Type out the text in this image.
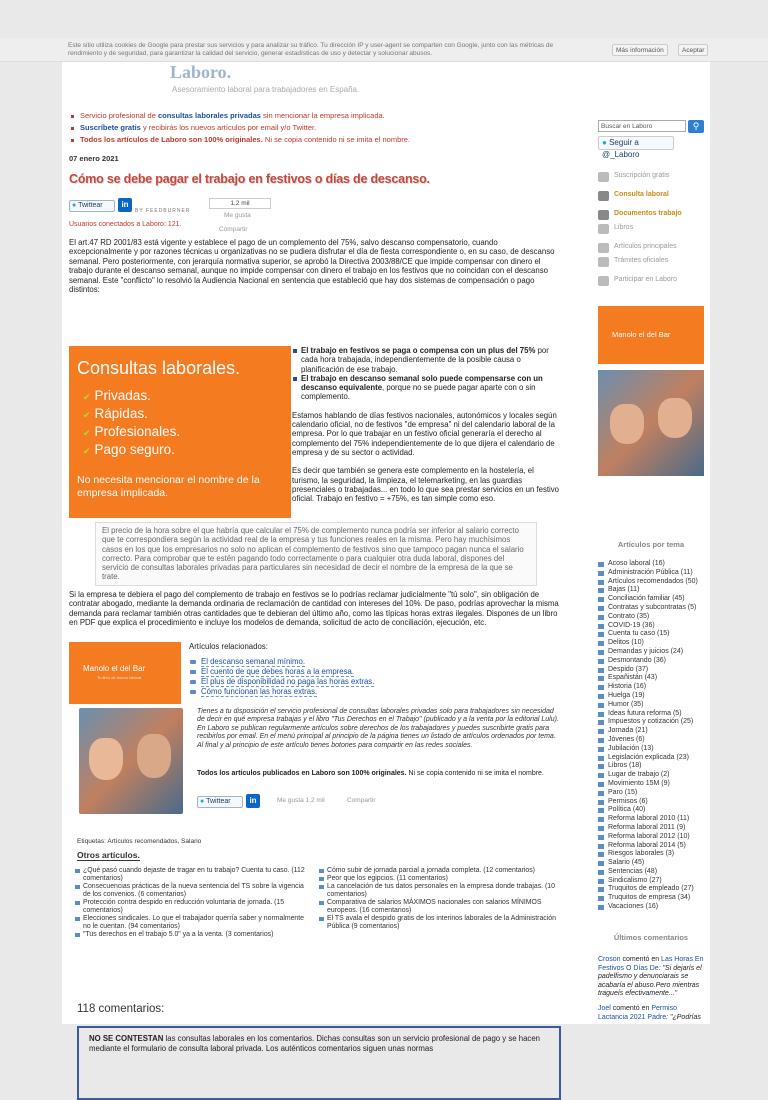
Este sitio utiliza cookies de Google para prestar sus servicios y para analizar su tráfico. Tu dirección IP y user-agent se comparten con Google, junto con las métricas de rendimiento y de seguridad, para garantizar la calidad del servicio, generar estadísticas de uso y detectar y solucionar abusos.	Más información	Aceptar
Laboro.
Asesoramiento laboral para trabajadores en España.
Servicio profesional de consultas laborales privadas sin mencionar la empresa implicada.
Suscríbete gratis y recibirás los nuevos artículos por email y/o Twitter.
Todos los artículos de Laboro son 100% originales. Ni se copia contenido ni se imita el nombre.
07 enero 2021
Cómo se debe pagar el trabajo en festivos o días de descanso.
● Twittear	in
BY FEEDBURNER
1,2 mil
Me gusta
Usuarios conectados a Laboro: 121.
Compartir

El art.47 RD 2001/83 está vigente y establece el pago de un complemento del 75%, salvo descanso compensatorio, cuando excepcionalmente y por razones técnicas u organizativas no se pudiera disfrutar el día de fiesta correspondiente o, en su caso, de descanso semanal. Pero posteriormente, con jerarquía normativa superior, se aprobó la Directiva 2003/88/CE que impide compensar con dinero el trabajo durante el descanso semanal, aunque no impide compensar con dinero el trabajo en los festivos que no coincidan con el descanso semanal. Este "conflicto" lo resolvió la Audiencia Nacional en sentencia que estableció que hay dos sistemas de compensación o pago distintos:

Consultas laborales.
✔ Privadas.
✔ Rápidas.
✔ Profesionales.
✔ Pago seguro.
No necesita mencionar el nombre de la empresa implicada.
El trabajo en festivos se paga o compensa con un plus del 75% por cada hora trabajada, independientemente de la posible causa o planificación de ese trabajo.
El trabajo en descanso semanal solo puede compensarse con un descanso equivalente, porque no se puede pagar aparte con o sin complemento.

Estamos hablando de días festivos nacionales, autonómicos y locales según calendario oficial, no de festivos "de empresa" ni del calendario laboral de la empresa. Por lo que trabajar en un festivo oficial generaría el derecho al complemento del 75% independientemente de lo que dijera el calendario de empresa y de su sector o actividad.

Es decir que también se genera este complemento en la hostelería, el turismo, la seguridad, la limpieza, el telemarketing, en las guardias presenciales o trabajadas... en todo lo que sea prestar servicios en un festivo oficial. Trabajo en festivo = +75%, es tan simple como eso.

El precio de la hora sobre el que habría que calcular el 75% de complemento nunca podría ser inferior al salario correcto que te correspondiera según la actividad real de la empresa y tus funciones reales en la misma. Pero hay muchísimos casos en los que los empresarios no solo no aplican el complemento de festivos sino que tampoco pagan nunca el salario correcto. Para comprobar que te estén pagando todo correctamente o para cualquier otra duda laboral, dispones del servicio de consultas laborales privadas para particulares sin necesidad de decir el nombre de la empresa de la que se trate.

Si la empresa te debiera el pago del complemento de trabajo en festivos se lo podrías reclamar judicialmente "tú solo", sin obligación de contratar abogado, mediante la demanda ordinaria de reclamación de cantidad con intereses del 10%. De paso, podrías aprovechar la misma demanda para reclamar también otras cantidades que te debieran del último año, como las típicas horas extras ilegales. Dispones de un libro en PDF que explica el procedimiento e incluye los modelos de demanda, solicitud de acto de conciliación, ejecución, etc.

Manolo el del Bar
Tu libro de humor laboral
Artículos relacionados:
El descanso semanal mínimo.
El cuento de que debes horas a la empresa.
El plus de disponibilidad no paga las horas extras.
Cómo funcionan las horas extras.
Tienes a tu disposición el servicio profesional de consultas laborales privadas solo para trabajadores sin necesidad de decir en qué empresa trabajas y el libro "Tus Derechos en el Trabajo" (publicado y a la venta por la editorial Lulu). En Laboro se publican regularmente artículos sobre derechos de los trabajadores y puedes suscribirte gratis para recibirlos por email. En el menú principal al principio de la página tienes un listado de artículos ordenados por tema. Al final y al principio de este artículo tienes botones para compartir en las redes sociales.
Todos los artículos publicados en Laboro son 100% originales. Ni se copia contenido ni se imita el nombre.
● Twittear	in	Me gusta 1,2 mil	Compartir
Etiquetas: Artículos recomendados, Salario
Otros artículos.
¿Qué pasó cuando dejaste de tragar en tu trabajo? Cuenta tu caso. (112 comentarios)
Consecuencias prácticas de la nueva sentencia del TS sobre la vigencia de los convenios. (6 comentarios)
Protección contra despido en reducción voluntaria de jornada. (15 comentarios)
Elecciones sindicales. Lo que el trabajador querría saber y normalmente no le cuentan. (94 comentarios)
"Tus derechos en el trabajo 5.0" ya a la venta. (3 comentarios)
Cómo subir de jornada parcial a jornada completa. (12 comentarios)
Peor que los egipcios. (11 comentarios)
La cancelación de tus datos personales en la empresa donde trabajas. (10 comentarios)
Comparativa de salarios MÁXIMOS nacionales con salarios MÍNIMOS europeos. (16 comentarios)
El TS avala el despido gratis de los interinos laborales de la Administración Pública (9 comentarios)
118 comentarios:
NO SE CONTESTAN las consultas laborales en los comentarios. Dichas consultas son un servicio profesional de pago y se hacen mediante el formulario de consulta laboral privada. Los auténticos comentarios siguen unas normas
Buscar en Laboro	⚲
● Seguir a @_Laboro
Suscripción gratis
Consulta laboral
Documentos trabajo
Libros
Artículos principales
Trámites oficiales
Participar en Laboro
Manolo el del Bar
Artículos por tema
Acoso laboral (16)
Administración Pública (11)
Artículos recomendados (50)
Bajas (11)
Conciliación familiar (45)
Contratas y subcontratas (5)
Contrato (35)
COVID-19 (36)
Cuenta tu caso (15)
Delitos (10)
Demandas y juicios (24)
Desmontando (36)
Despido (37)
Españistán (43)
Historia (16)
Huelga (19)
Humor (35)
Ideas futura reforma (5)
Impuestos y cotización (25)
Jornada (21)
Jóvenes (6)
Jubilación (13)
Legislación explicada (23)
Libros (18)
Lugar de trabajo (2)
Movimiento 15M (9)
Paro (15)
Permisos (6)
Política (40)
Reforma laboral 2010 (11)
Reforma laboral 2011 (9)
Reforma laboral 2012 (10)
Reforma laboral 2014 (5)
Riesgos laborales (3)
Salario (45)
Sentencias (48)
Sindicalismo (27)
Truquitos de empleado (27)
Truquitos de empresa (34)
Vacaciones (16)
Últimos comentarios
Croson comentó en Las Horas En Festivos O Días De: "Si dejarís el padelfismo y denunciarais se acabaría el abuso.Pero mientras tragueís efectivamente..."
Joel comentó en Permiso Lactancia 2021 Padre: "¿Podrías
